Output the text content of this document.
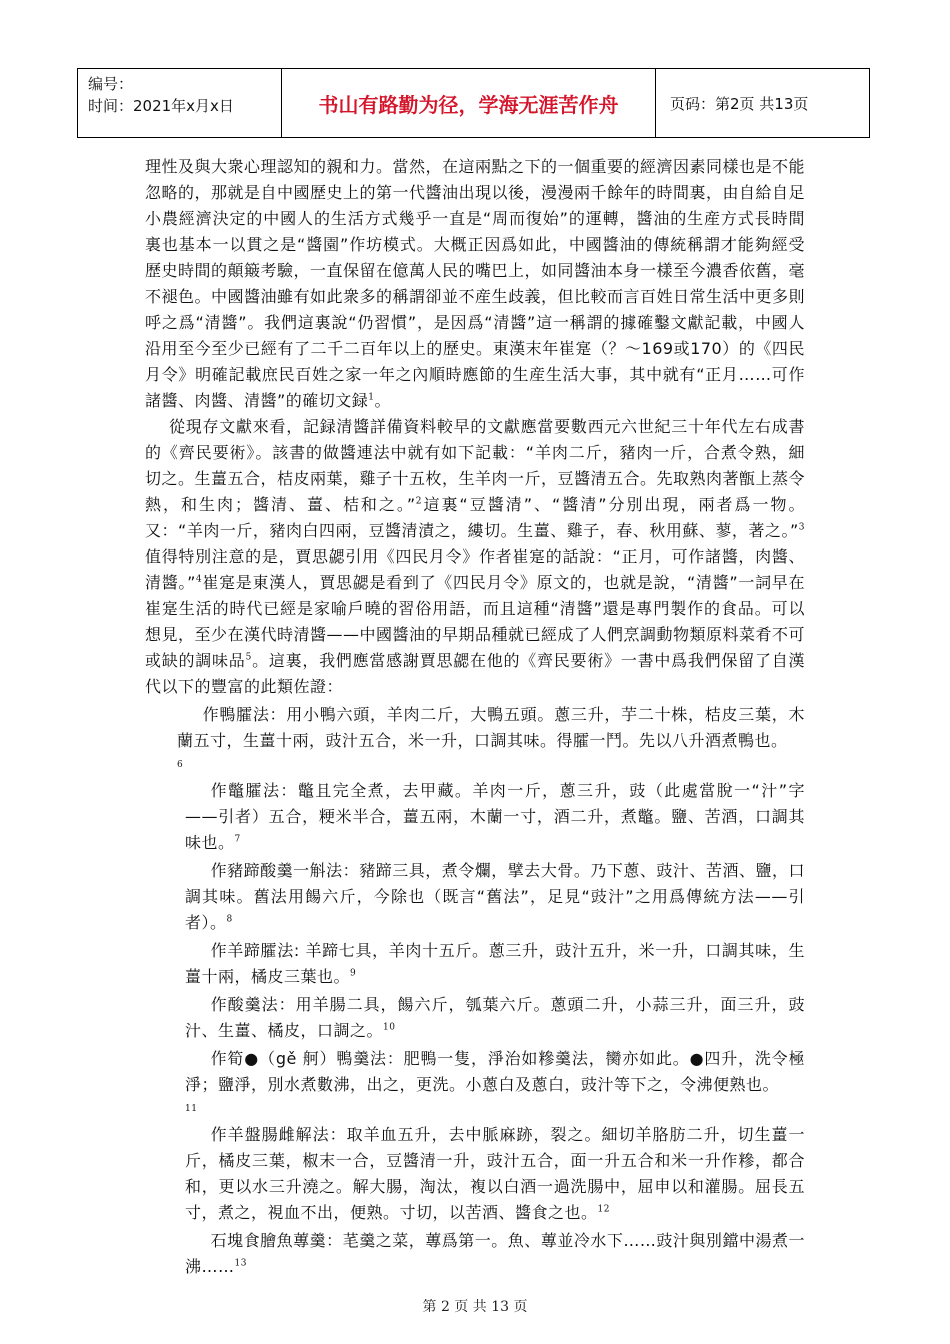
编号：
时间：2021年x月x日	书山有路勤为径，学海无涯苦作舟	页码：第2页 共13页

理性及與大衆心理認知的親和力。當然，在這兩點之下的一個重要的經濟因素同樣也是不能忽略的，那就是自中國歷史上的第一代醬油出現以後，漫漫兩千餘年的時間裏，由自給自足小農經濟決定的中國人的生活方式幾乎一直是“周而復始”的運轉，醬油的生産方式長時間裏也基本一以貫之是“醬園”作坊模式。大概正因爲如此，中國醬油的傳統稱謂才能夠經受歷史時間的顛簸考驗，一直保留在億萬人民的嘴巴上，如同醬油本身一樣至今濃香依舊，毫不褪色。中國醬油雖有如此衆多的稱謂卻並不産生歧義，但比較而言百姓日常生活中更多則呼之爲“清醬”。我們這裏說“仍習慣”，是因爲“清醬”這一稱謂的據確鑿文獻記載，中國人沿用至今至少已經有了二千二百年以上的歷史。東漢末年崔寔（？～169或170）的《四民月令》明確記載庶民百姓之家一年之內順時應節的生産生活大事，其中就有“正月……可作諸醬、肉醬、清醬”的確切文録$^1$。

從現存文獻來看，記録清醬詳備資料較早的文獻應當要數西元六世紀三十年代左右成書的《齊民要術》。該書的做醬連法中就有如下記載：“羊肉二斤，豬肉一斤，合煮令熟，細切之。生薑五合，桔皮兩葉，雞子十五枚，生羊肉一斤，豆醬清五合。先取熟肉著甑上蒸令熱，和生肉；醬清、薑、桔和之。”$^2$這裏“豆醬清”、“醬清”分別出現，兩者爲一物。又：“羊肉一斤，豬肉白四兩，豆醬清漬之，縷切。生薑、雞子，春、秋用蘇、蓼，著之。”$^3$值得特別注意的是，賈思勰引用《四民月令》作者崔寔的話說：“正月，可作諸醬，肉醬、清醬。”$^4$崔寔是東漢人，賈思勰是看到了《四民月令》原文的，也就是說，“清醬”一詞早在崔寔生活的時代已經是家喻戶曉的習俗用語，而且這種“清醬”還是專門製作的食品。可以想見，至少在漢代時清醬——中國醬油的早期品種就已經成了人們烹調動物類原料菜肴不可或缺的調味品$^5$。這裏，我們應當感謝賈思勰在他的《齊民要術》一書中爲我們保留了自漢代以下的豐富的此類佐證：

作鴨臛法：用小鴨六頭，羊肉二斤，大鴨五頭。蔥三升，芋二十株，桔皮三葉，木蘭五寸，生薑十兩，豉汁五合，米一升，口調其味。得臛一鬥。先以八升酒煮鴨也。

6

作鼈臛法：鼈且完全煮，去甲藏。羊肉一斤，蔥三升，豉（此處當脫一“汁”字——引者）五合，粳米半合，薑五兩，木蘭一寸，酒二升，煮鼈。鹽、苦酒，口調其味也。$^7$

作豬蹄酸羹一斛法：豬蹄三具，煮令爛，擘去大骨。乃下蔥、豉汁、苦酒、鹽，口調其味。舊法用餳六斤，今除也（既言“舊法”，足見“豉汁”之用爲傳統方法——引者）。$^8$

作羊蹄臛法: 羊蹄七具，羊肉十五斤。蔥三升，豉汁五升，米一升，口調其味，生薑十兩，橘皮三葉也。$^9$

作酸羹法：用羊腸二具，餳六斤，瓠葉六斤。蔥頭二升，小蒜三升，面三升，豉汁、生薑、橘皮，口調之。$^{10}$

作筍●（gě 舸）鴨羹法：肥鴨一隻，淨治如糝羹法，臠亦如此。●四升，洗令極淨；鹽淨，別水煮數沸，出之，更洗。小蔥白及蔥白，豉汁等下之，令沸便熟也。

11

作羊盤腸雌解法：取羊血五升，去中脈麻跡，裂之。細切羊胳肪二升，切生薑一斤，橘皮三葉，椒末一合，豆醬清一升，豉汁五合，面一升五合和米一升作糝，都合和，更以水三升澆之。解大腸，淘汰，複以白酒一過洗腸中，屈申以和灌腸。屈長五寸，煮之，視血不出，便熟。寸切，以苦酒、醬食之也。$^{12}$

石塊食膾魚蓴羹：芼羹之菜，蓴爲第一。魚、蓴並冷水下……豉汁與別鐺中湯煮一沸……$^{13}$

第 2 页 共 13 页
